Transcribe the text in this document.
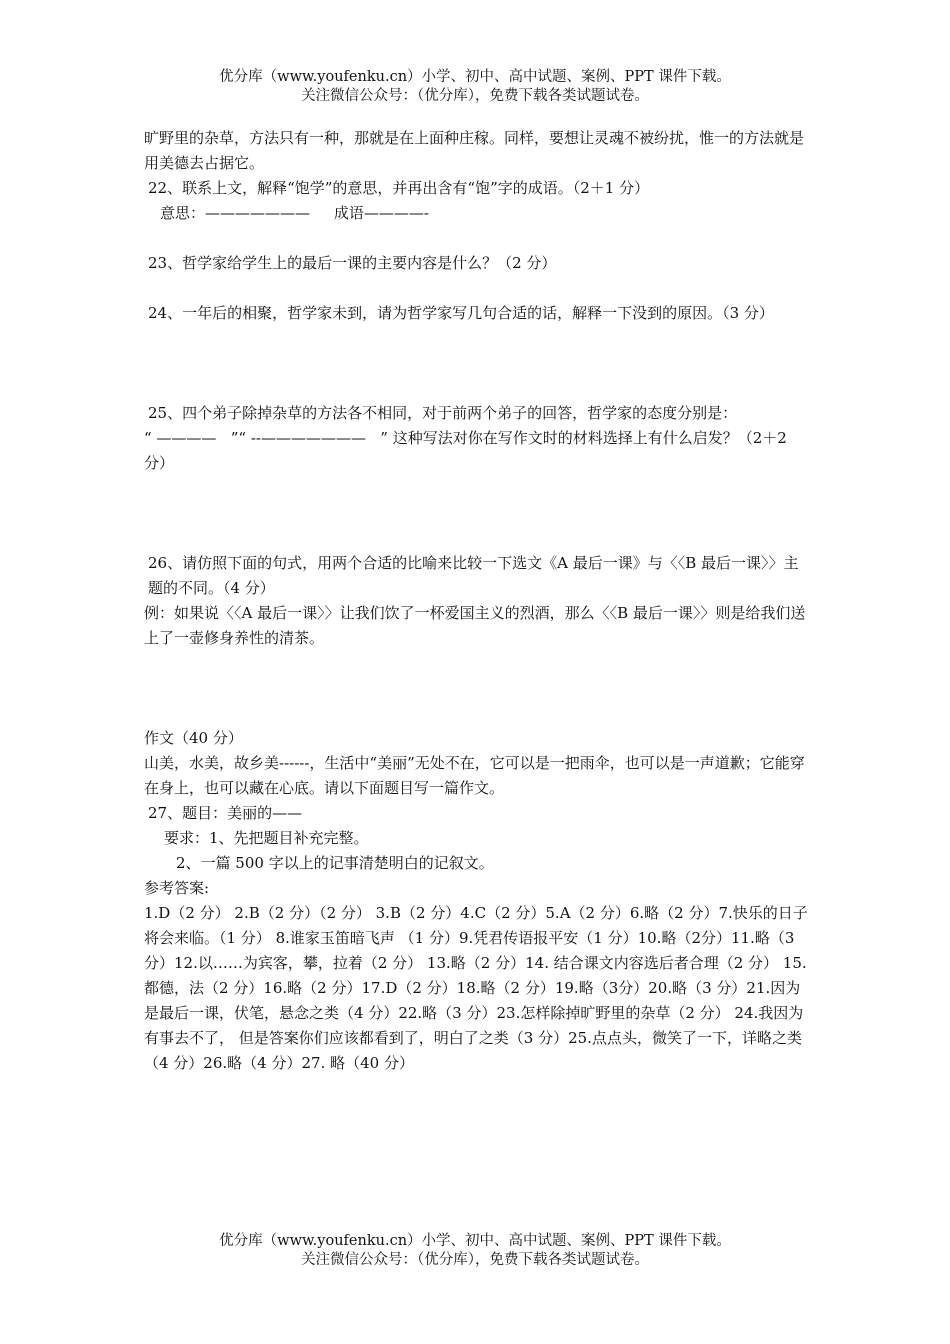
优分库（www.youfenku.cn）小学、初中、高中试题、案例、PPT 课件下载。
关注微信公众号：（优分库），免费下载各类试题试卷。

旷野里的杂草，方法只有一种，那就是在上面种庄稼。同样，要想让灵魂不被纷扰，惟一的方法就是用美德去占据它。

22、联系上文，解释“饱学”的意思，并再出含有“饱”字的成语。（2＋1 分）

意思：———————     成语————-

23、哲学家给学生上的最后一课的主要内容是什么？（2 分）

24、一年后的相聚，哲学家未到，请为哲学家写几句合适的话，解释一下没到的原因。（3 分）

25、四个弟子除掉杂草的方法各不相同，对于前两个弟子的回答，哲学家的态度分别是：

“ ————   ”“ --———————   ” 这种写法对你在写作文时的材料选择上有什么启发？（2＋2 分）

26、请仿照下面的句式，用两个合适的比喻来比较一下选文《A 最后一课》与〈〈B 最后一课〉〉主题的不同。（4 分）

例：如果说〈〈A 最后一课〉〉让我们饮了一杯爱国主义的烈酒，那么〈〈B 最后一课〉〉则是给我们送上了一壶修身养性的清茶。

作文（40 分）

山美，水美，故乡美------，生活中“美丽”无处不在，它可以是一把雨伞，也可以是一声道歉；它能穿在身上，也可以藏在心底。请以下面题目写一篇作文。

27、题目：美丽的——

要求：1、先把题目补充完整。

2、一篇 500 字以上的记事清楚明白的记叙文。

参考答案:

1.D（2 分） 2.B（2 分）（2 分） 3.B（2 分）4.C（2 分）5.A（2 分）6.略（2 分）7.快乐的日子将会来临。（1 分） 8.谁家玉笛暗飞声 （1 分）9.凭君传语报平安（1 分）10.略（2分）11.略（3 分）12.以……为宾客，攀，拉着（2 分） 13.略（2 分）14. 结合课文内容选后者合理（2 分） 15. 都德，法（2 分）16.略（2 分）17.D（2 分）18.略（2 分）19.略（3分）20.略（3 分）21.因为是最后一课，伏笔，悬念之类（4 分）22.略（3 分）23.怎样除掉旷野里的杂草（2 分） 24.我因为有事去不了， 但是答案你们应该都看到了，明白了之类（3 分）25.点点头，微笑了一下，详略之类（4 分）26.略（4 分）27. 略（40 分）

优分库（www.youfenku.cn）小学、初中、高中试题、案例、PPT 课件下载。
关注微信公众号：（优分库），免费下载各类试题试卷。
